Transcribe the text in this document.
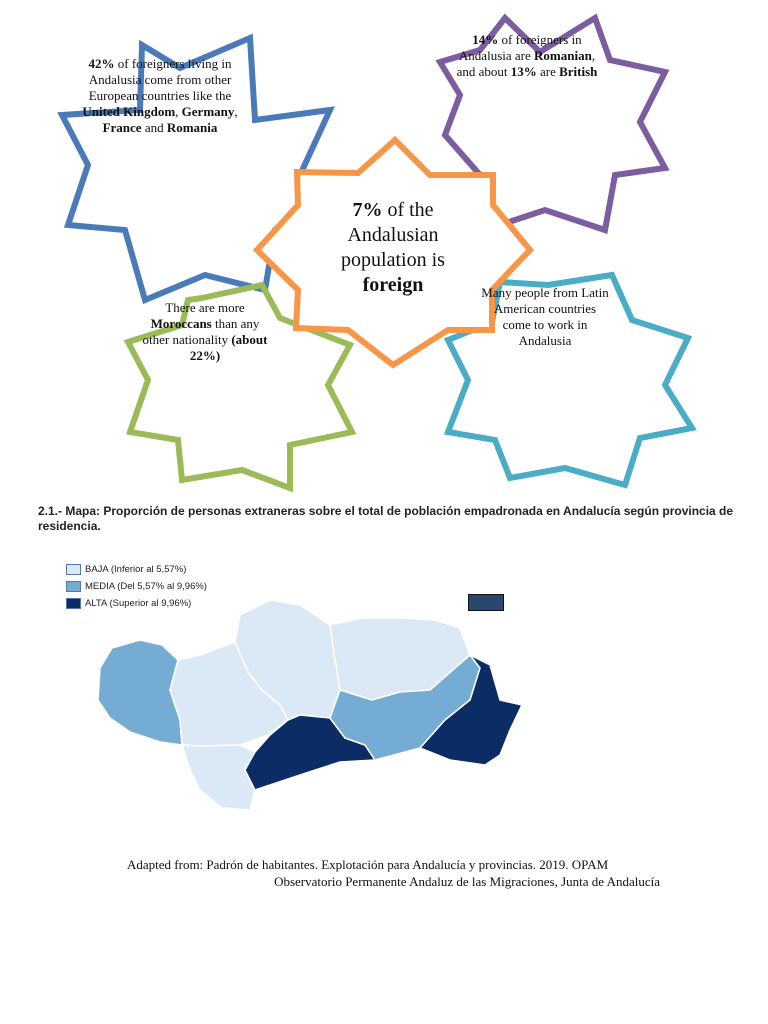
42% of foreigners living in Andalusia come from other European countries like the United Kingdom, Germany, France and Romania
14% of foreigners in Andalusia are Romanian, and about 13% are British
There are more Moroccans than any other nationality (about 22%)
Many people from Latin American countries come to work in Andalusia
7% of the Andalusian population is foreign
2.1.- Mapa: Proporción de personas extraneras sobre el total de población empadronada en Andalucía según provincia de residencia.
BAJA (Inferior al 5,57%)
MEDIA (Del 5,57% al 9,96%)
ALTA (Superior al 9,96%)
Adapted from: Padrón de habitantes. Explotación para Andalucía y provincias. 2019. OPAM
Observatorio Permanente Andaluz de las Migraciones, Junta de Andalucía
